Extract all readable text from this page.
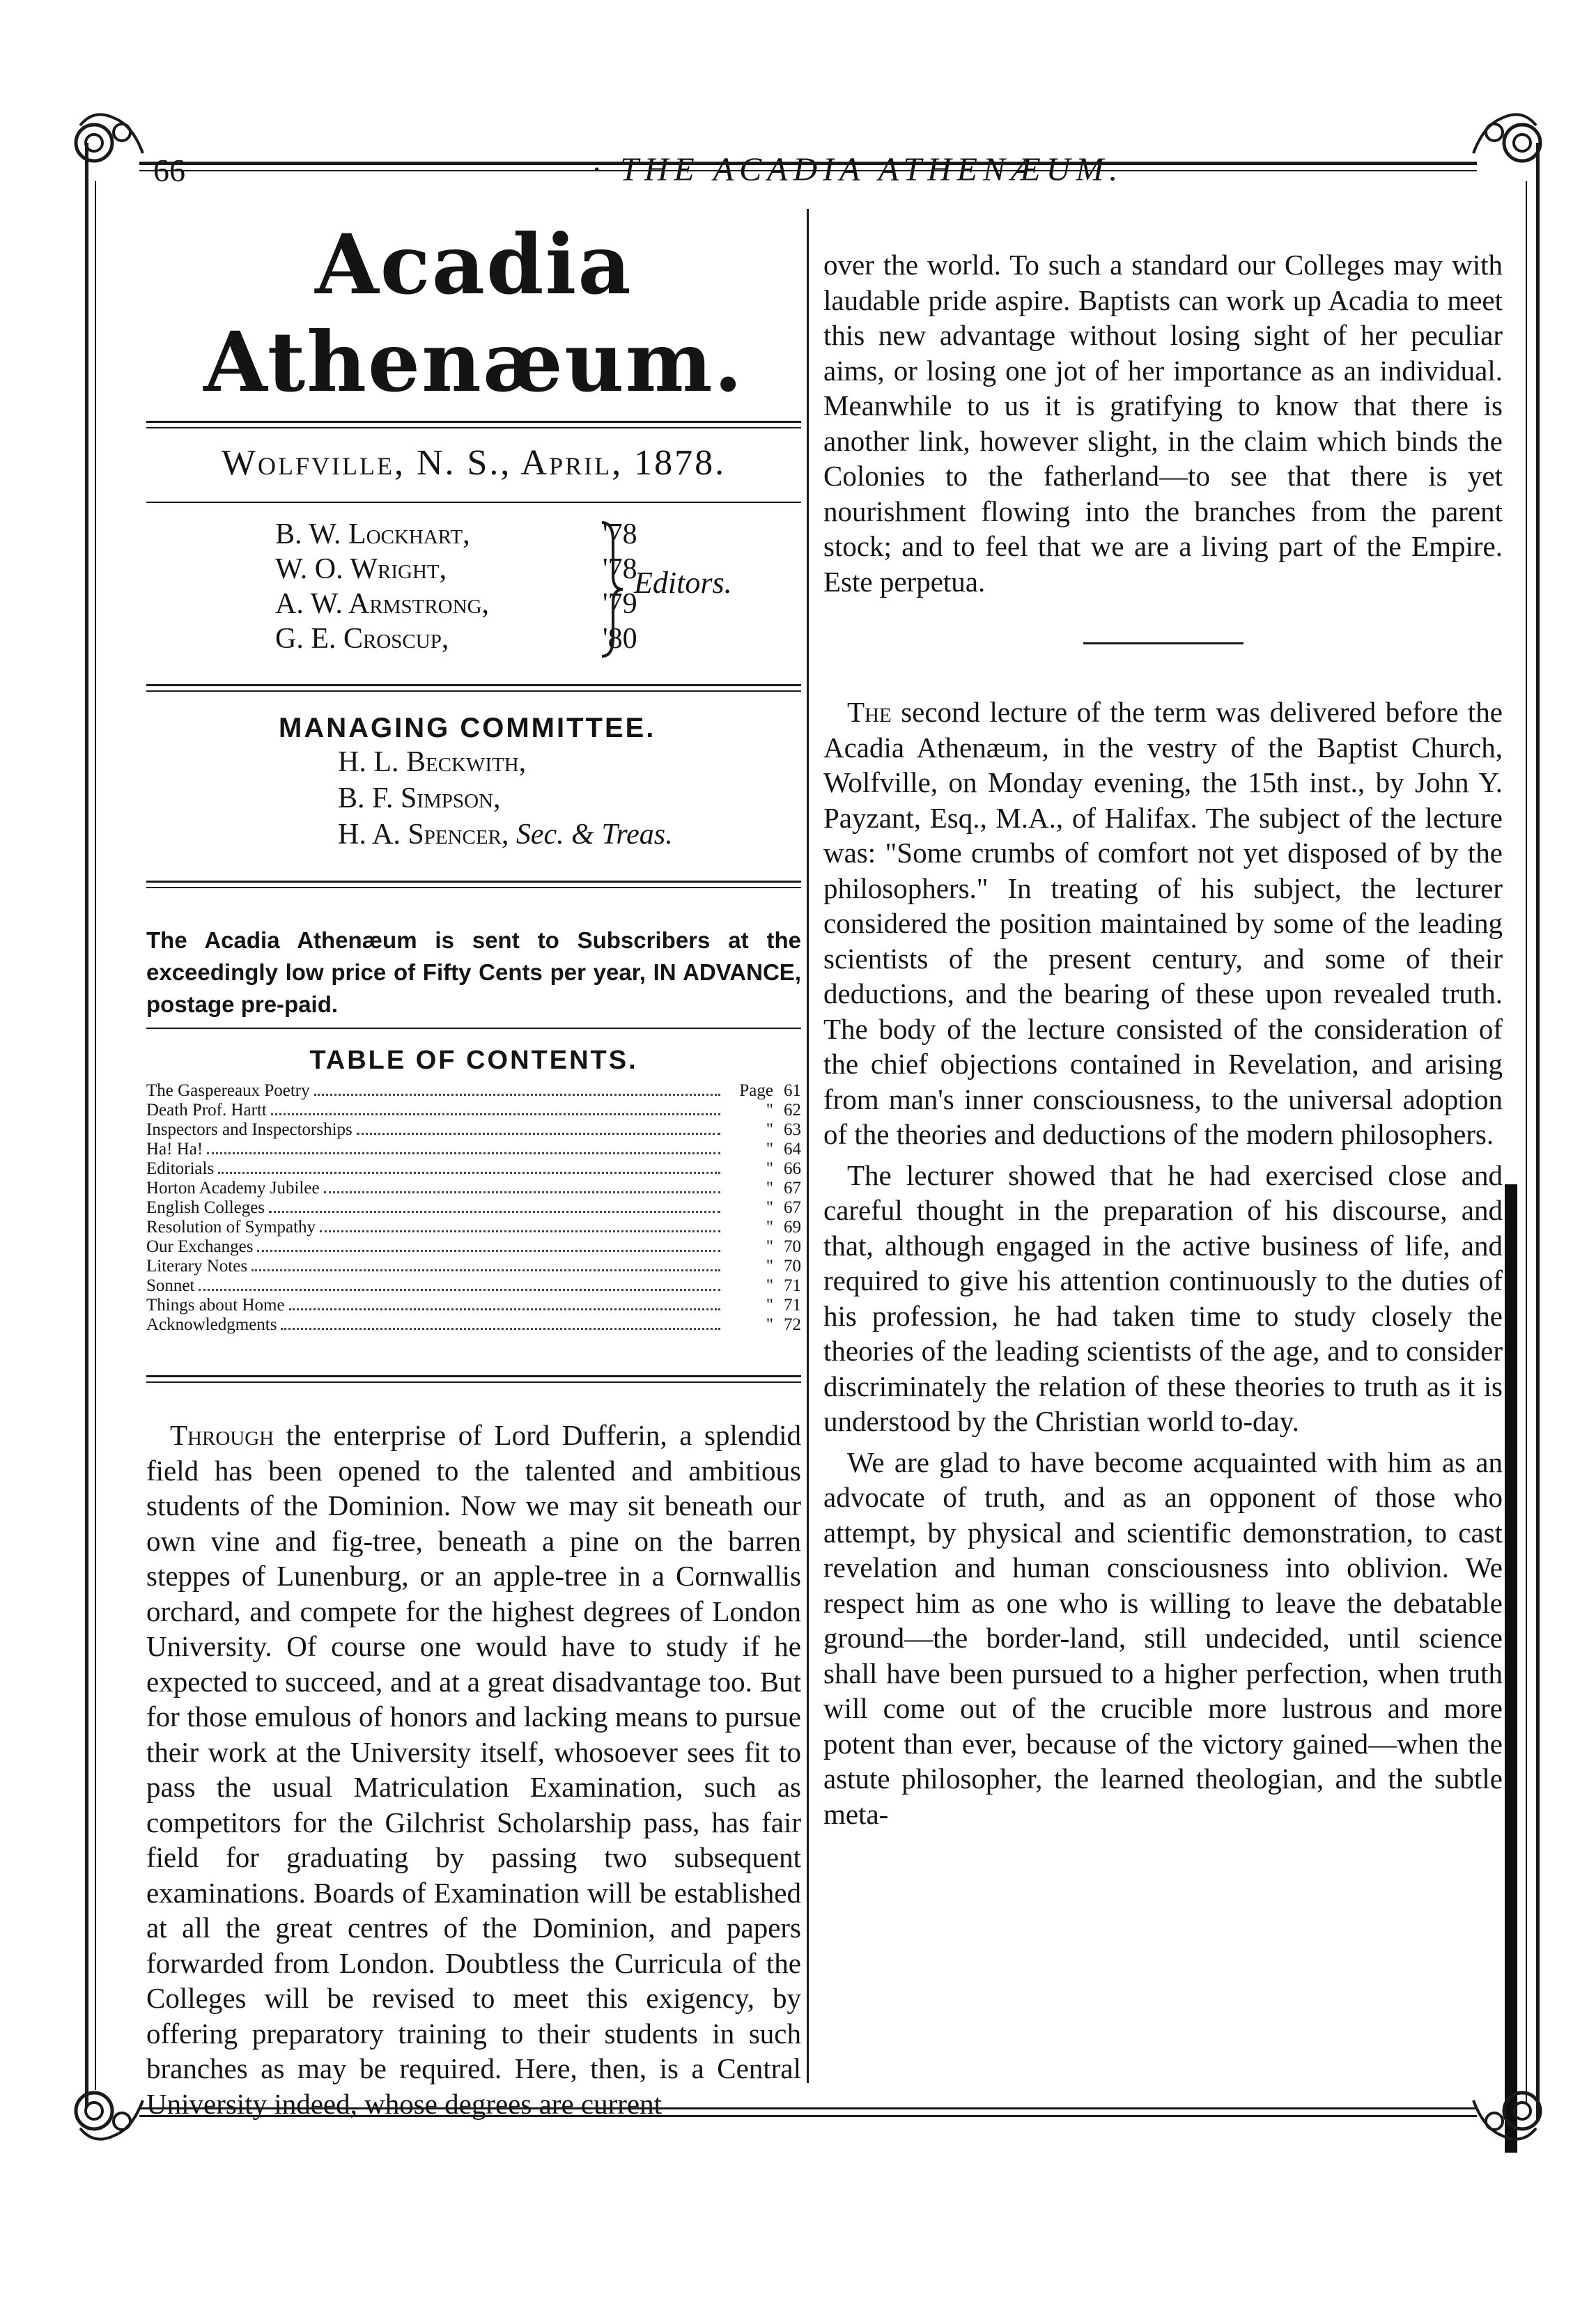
66	· THE ACADIA ATHENÆUM.
Acadia Athenæum.
Wolfville, N. S., April, 1878.
B. W. Lockhart,	'78
W. O. Wright,	'78
A. W. Armstrong,	'79
G. E. Croscup,	'80
Editors.
MANAGING COMMITTEE.
H. L. Beckwith,
B. F. Simpson,
H. A. Spencer, Sec. & Treas.
The Acadia Athenæum is sent to Subscribers at the exceedingly low price of Fifty Cents per year, IN ADVANCE, postage pre-paid.
TABLE OF CONTENTS.
The Gaspereaux Poetry	Page 61
Death Prof. Hartt	" 62
Inspectors and Inspectorships	" 63
Ha! Ha!	" 64
Editorials	" 66
Horton Academy Jubilee	" 67
English Colleges	" 67
Resolution of Sympathy	" 69
Our Exchanges	" 70
Literary Notes	" 70
Sonnet	" 71
Things about Home	" 71
Acknowledgments	" 72

Through the enterprise of Lord Dufferin, a splendid field has been opened to the talented and ambitious students of the Dominion. Now we may sit beneath our own vine and fig-tree, beneath a pine on the barren steppes of Lunenburg, or an apple-tree in a Cornwallis orchard, and compete for the highest degrees of London University. Of course one would have to study if he expected to succeed, and at a great disadvantage too. But for those emulous of honors and lacking means to pursue their work at the University itself, whosoever sees fit to pass the usual Matriculation Examination, such as competitors for the Gilchrist Scholarship pass, has fair field for graduating by passing two subsequent examinations. Boards of Examination will be established at all the great centres of the Dominion, and papers forwarded from London. Doubtless the Curricula of the Colleges will be revised to meet this exigency, by offering preparatory training to their students in such branches as may be required. Here, then, is a Central University indeed, whose degrees are current

over the world. To such a standard our Colleges may with laudable pride aspire. Baptists can work up Acadia to meet this new advantage without losing sight of her peculiar aims, or losing one jot of her importance as an individual. Meanwhile to us it is gratifying to know that there is another link, however slight, in the claim which binds the Colonies to the fatherland—to see that there is yet nourishment flowing into the branches from the parent stock; and to feel that we are a living part of the Empire. Este perpetua.

The second lecture of the term was delivered before the Acadia Athenæum, in the vestry of the Baptist Church, Wolfville, on Monday evening, the 15th inst., by John Y. Payzant, Esq., M.A., of Halifax. The subject of the lecture was: "Some crumbs of comfort not yet disposed of by the philosophers." In treating of his subject, the lecturer considered the position maintained by some of the leading scientists of the present century, and some of their deductions, and the bearing of these upon revealed truth. The body of the lecture consisted of the consideration of the chief objections contained in Revelation, and arising from man's inner consciousness, to the universal adoption of the theories and deductions of the modern philosophers.

The lecturer showed that he had exercised close and careful thought in the preparation of his discourse, and that, although engaged in the active business of life, and required to give his attention continuously to the duties of his profession, he had taken time to study closely the theories of the leading scientists of the age, and to consider discriminately the relation of these theories to truth as it is understood by the Christian world to-day.

We are glad to have become acquainted with him as an advocate of truth, and as an opponent of those who attempt, by physical and scientific demonstration, to cast revelation and human consciousness into oblivion. We respect him as one who is willing to leave the debatable ground—the border-land, still undecided, until science shall have been pursued to a higher perfection, when truth will come out of the crucible more lustrous and more potent than ever, because of the victory gained—when the astute philosopher, the learned theologian, and the subtle meta-
